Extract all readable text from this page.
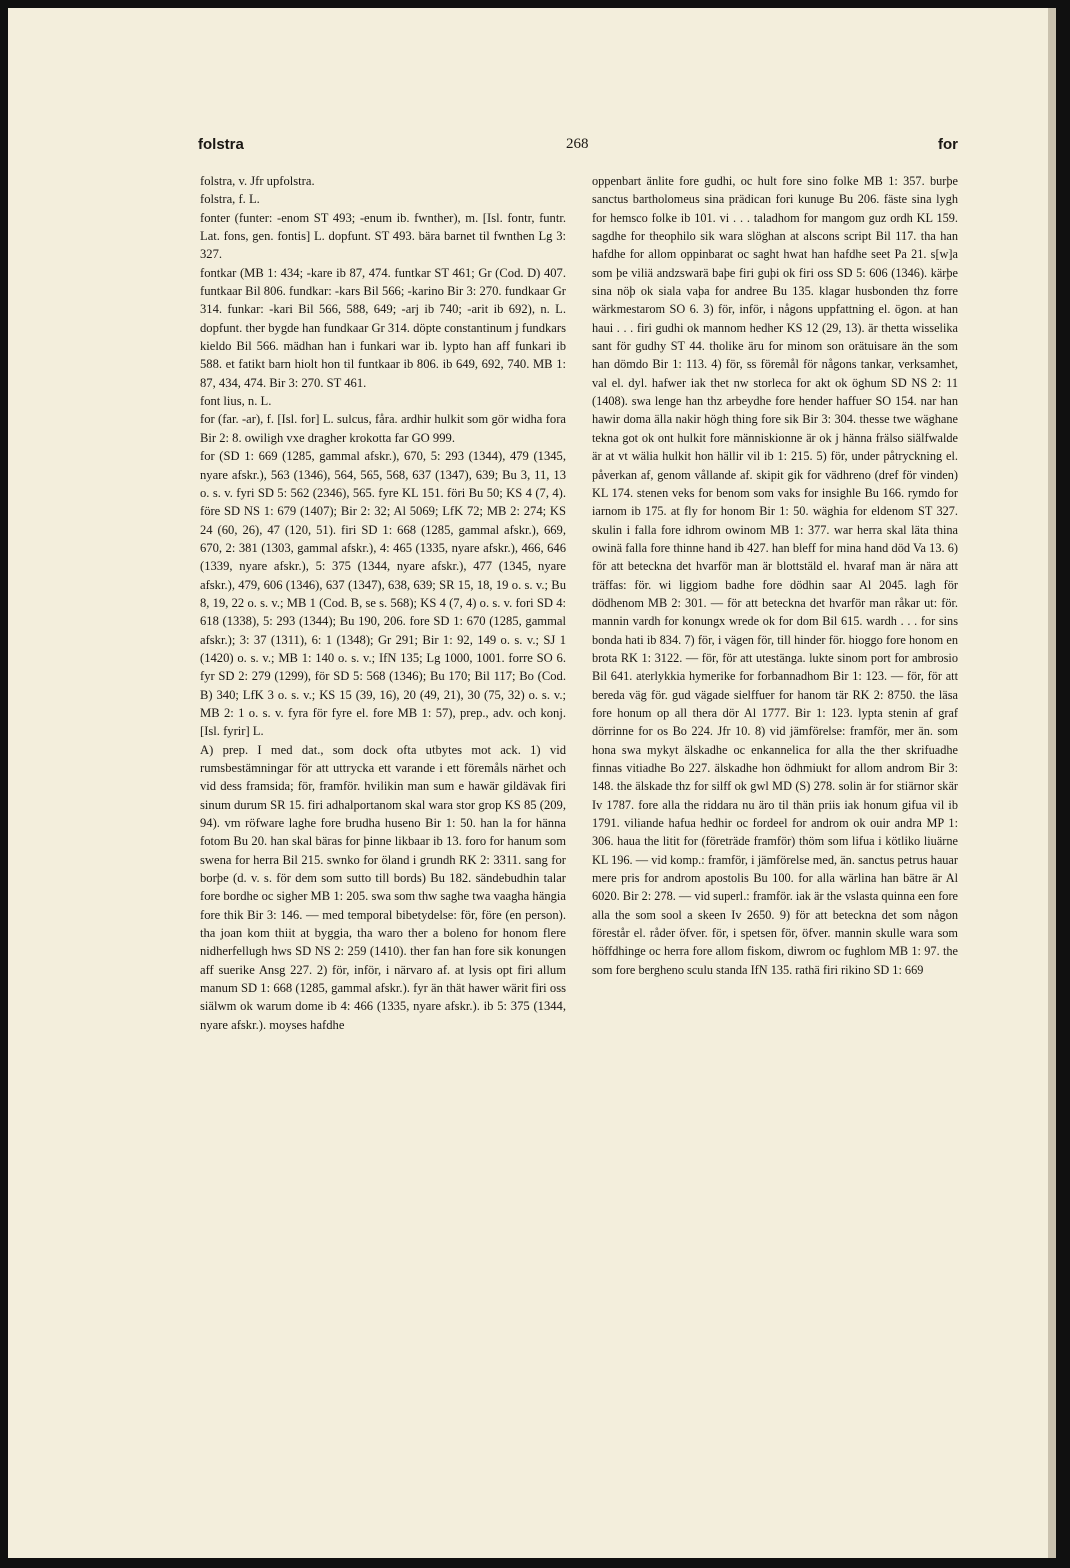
folstra	268	for

folstra, v. Jfr upfolstra.

folstra, f. L.

fonter (funter: -enom ST 493; -enum ib. fwnther), m. [Isl. fontr, funtr. Lat. fons, gen. fontis] L. dopfunt. ST 493. bära barnet til fwnthen Lg 3: 327.

fontkar (MB 1: 434; -kare ib 87, 474. funtkar ST 461; Gr (Cod. D) 407. funtkaar Bil 806. fundkar: -kars Bil 566; -karino Bir 3: 270. fundkaar Gr 314. funkar: -kari Bil 566, 588, 649; -arj ib 740; -arit ib 692), n. L. dopfunt. ther bygde han fundkaar Gr 314. döpte constantinum j fundkars kieldo Bil 566. mädhan han i funkari war ib. lypto han aff funkari ib 588. et fatikt barn hiolt hon til funtkaar ib 806. ib 649, 692, 740. MB 1: 87, 434, 474. Bir 3: 270. ST 461.

font lius, n. L.

for (far. -ar), f. [Isl. for] L. sulcus, fåra. ardhir hulkit som gör widha fora Bir 2: 8. owiligh vxe dragher krokotta far GO 999.

for (SD 1: 669 (1285, gammal afskr.), 670, 5: 293 (1344), 479 (1345, nyare afskr.), 563 (1346), 564, 565, 568, 637 (1347), 639; Bu 3, 11, 13 o. s. v. fyri SD 5: 562 (2346), 565. fyre KL 151. föri Bu 50; KS 4 (7, 4). före SD NS 1: 679 (1407); Bir 2: 32; Al 5069; LfK 72; MB 2: 274; KS 24 (60, 26), 47 (120, 51). firi SD 1: 668 (1285, gammal afskr.), 669, 670, 2: 381 (1303, gammal afskr.), 4: 465 (1335, nyare afskr.), 466, 646 (1339, nyare afskr.), 5: 375 (1344, nyare afskr.), 477 (1345, nyare afskr.), 479, 606 (1346), 637 (1347), 638, 639; SR 15, 18, 19 o. s. v.; Bu 8, 19, 22 o. s. v.; MB 1 (Cod. B, se s. 568); KS 4 (7, 4) o. s. v. fori SD 4: 618 (1338), 5: 293 (1344); Bu 190, 206. fore SD 1: 670 (1285, gammal afskr.); 3: 37 (1311), 6: 1 (1348); Gr 291; Bir 1: 92, 149 o. s. v.; SJ 1 (1420) o. s. v.; MB 1: 140 o. s. v.; IfN 135; Lg 1000, 1001. forre SO 6. fyr SD 2: 279 (1299), för SD 5: 568 (1346); Bu 170; Bil 117; Bo (Cod. B) 340; LfK 3 o. s. v.; KS 15 (39, 16), 20 (49, 21), 30 (75, 32) o. s. v.; MB 2: 1 o. s. v. fyra för fyre el. fore MB 1: 57), prep., adv. och konj. [Isl. fyrir] L.

A) prep. I med dat., som dock ofta utbytes mot ack. 1) vid rumsbestämningar för att uttrycka ett varande i ett föremåls närhet och vid dess framsida; för, framför. hvilikin man sum e hawär gildävak firi sinum durum SR 15. firi adhalportanom skal wara stor grop KS 85 (209, 94). vm röfware laghe fore brudha huseno Bir 1: 50. han la for hänna fotom Bu 20. han skal bäras for þinne likbaar ib 13. foro for hanum som swena for herra Bil 215. swnko for öland i grundh RK 2: 3311. sang for borþe (d. v. s. för dem som sutto till bords) Bu 182. sändebudhin talar fore bordhe oc sigher MB 1: 205. swa som thw saghe twa vaagha hängia fore thik Bir 3: 146. — med temporal bibetydelse: för, före (en person). tha joan kom thiit at byggia, tha waro ther a boleno for honom flere nidherfellugh hws SD NS 2: 259 (1410). ther fan han fore sik konungen aff suerike Ansg 227. 2) för, inför, i närvaro af. at lysis opt firi allum manum SD 1: 668 (1285, gammal afskr.). fyr än thät hawer wärit firi oss siälwm ok warum dome ib 4: 466 (1335, nyare afskr.). ib 5: 375 (1344, nyare afskr.). moyses hafdhe

oppenbart änlite fore gudhi, oc hult fore sino folke MB 1: 357. burþe sanctus bartholomeus sina prädican fori kunuge Bu 206. fäste sina lygh for hemsco folke ib 101. vi . . . taladhom for mangom guz ordh KL 159. sagdhe for theophilo sik wara slöghan at alscons script Bil 117. tha han hafdhe for allom oppinbarat oc saght hwat han hafdhe seet Pa 21. s[w]a som þe viliä andzswarä baþe firi guþi ok firi oss SD 5: 606 (1346). kärþe sina nöþ ok siala vaþa for andree Bu 135. klagar husbonden thz forre wärkmestarom SO 6. 3) för, inför, i någons uppfattning el. ögon. at han haui . . . firi gudhi ok mannom hedher KS 12 (29, 13). är thetta wisselika sant för gudhy ST 44. tholike äru for minom son orätuisare än the som han dömdo Bir 1: 113. 4) för, ss föremål för någons tankar, verksamhet, val el. dyl. hafwer iak thet nw storleca for akt ok öghum SD NS 2: 11 (1408). swa lenge han thz arbeydhe fore hender haffuer SO 154. nar han hawir doma älla nakir högh thing fore sik Bir 3: 304. thesse twe wäghane tekna got ok ont hulkit fore människionne är ok j hänna frälso siälfwalde är at vt wälia hulkit hon hällir vil ib 1: 215. 5) för, under påtryckning el. påverkan af, genom vållande af. skipit gik for vädhreno (dref för vinden) KL 174. stenen veks for benom som vaks for insighle Bu 166. rymdo for iarnom ib 175. at fly for honom Bir 1: 50. wäghia for eldenom ST 327. skulin i falla fore idhrom owinom MB 1: 377. war herra skal läta thina owinä falla fore thinne hand ib 427. han bleff for mina hand död Va 13. 6) för att beteckna det hvarför man är blottstäld el. hvaraf man är nära att träffas: för. wi liggiom badhe fore dödhin saar Al 2045. lagh för dödhenom MB 2: 301. — för att beteckna det hvarför man råkar ut: för. mannin vardh for konungx wrede ok for dom Bil 615. wardh . . . for sins bonda hati ib 834. 7) för, i vägen för, till hinder för. hioggo fore honom en brota RK 1: 3122. — för, för att utestänga. lukte sinom port for ambrosio Bil 641. aterlykkia hymerike for forbannadhom Bir 1: 123. — för, för att bereda väg för. gud vägade sielffuer for hanom tär RK 2: 8750. the läsa fore honum op all thera dör Al 1777. Bir 1: 123. lypta stenin af graf dörrinne for os Bo 224. Jfr 10. 8) vid jämförelse: framför, mer än. som hona swa mykyt älskadhe oc enkannelica for alla the ther skrifuadhe finnas vitiadhe Bo 227. älskadhe hon ödhmiukt for allom androm Bir 3: 148. the älskade thz for silff ok gwl MD (S) 278. solin är for stiärnor skär Iv 1787. fore alla the riddara nu äro til thän priis iak honum gifua vil ib 1791. viliande hafua hedhir oc fordeel for androm ok ouir andra MP 1: 306. haua the litit for (företräde framför) thöm som lifua i kötliko liuärne KL 196. — vid komp.: framför, i jämförelse med, än. sanctus petrus hauar mere pris for androm apostolis Bu 100. for alla wärlina han bätre är Al 6020. Bir 2: 278. — vid superl.: framför. iak är the vslasta quinna een fore alla the som sool a skeen Iv 2650. 9) för att beteckna det som någon förestår el. råder öfver. för, i spetsen för, öfver. mannin skulle wara som höffdhinge oc herra fore allom fiskom, diwrom oc fughlom MB 1: 97. the som fore bergheno sculu standa IfN 135. rathä firi rikino SD 1: 669
